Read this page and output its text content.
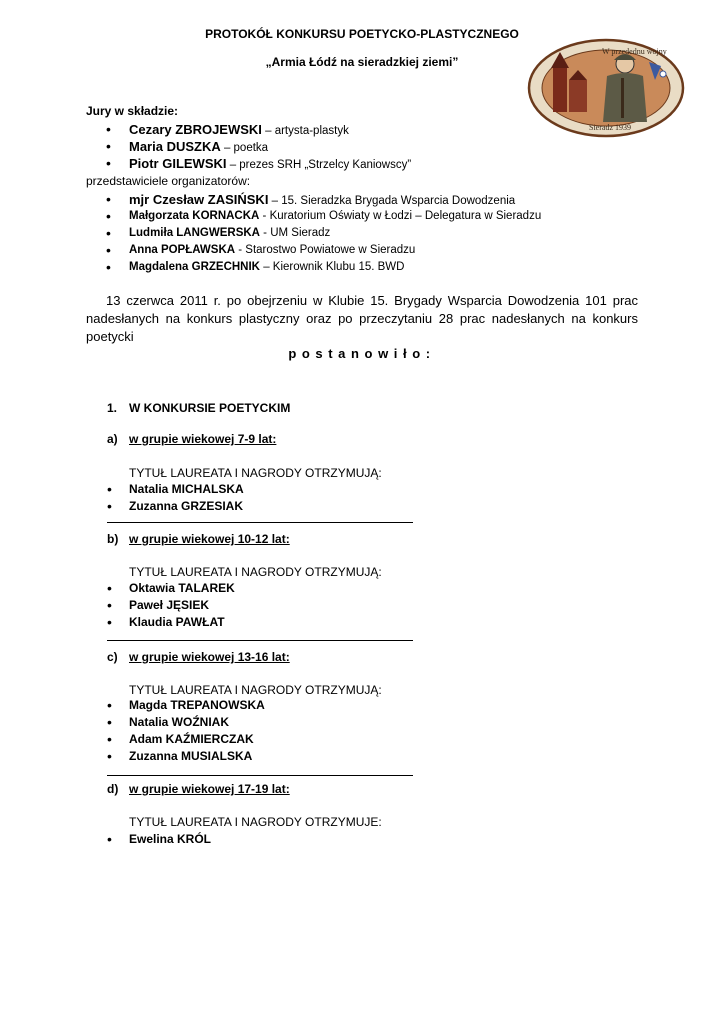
PROTOKÓŁ KONKURSU POETYCKO-PLASTYCZNEGO
„Armia Łódź na sieradzkiej ziemi”
W przedednu wojny
Sieradz 1939
Jury w składzie:
• Cezary ZBROJEWSKI – artysta-plastyk
• Maria DUSZKA – poetka
• Piotr GILEWSKI – prezes SRH „Strzelcy Kaniowscy”
przedstawiciele organizatorów:
• mjr Czesław ZASIŃSKI – 15. Sieradzka Brygada Wsparcia Dowodzenia
• Małgorzata KORNACKA - Kuratorium Oświaty w Łodzi – Delegatura w Sieradzu
• Ludmiła LANGWERSKA - UM Sieradz
• Anna POPŁAWSKA - Starostwo Powiatowe w Sieradzu
• Magdalena GRZECHNIK – Kierownik Klubu 15. BWD
13 czerwca 2011 r. po obejrzeniu w Klubie 15. Brygady Wsparcia Dowodzenia 101 prac nadesłanych na konkurs plastyczny oraz po przeczytaniu 28 prac nadesłanych na konkurs poetycki
postanowiło:
1. W KONKURSIE POETYCKIM
a) w grupie wiekowej 7-9 lat:
TYTUŁ LAUREATA I NAGRODY OTRZYMUJĄ:
• Natalia MICHALSKA
• Zuzanna GRZESIAK
b) w grupie wiekowej 10-12 lat:
TYTUŁ LAUREATA I NAGRODY OTRZYMUJĄ:
• Oktawia TALAREK
• Paweł JĘSIEK
• Klaudia PAWŁAT
c) w grupie wiekowej 13-16 lat:
TYTUŁ LAUREATA I NAGRODY OTRZYMUJĄ:
• Magda TREPANOWSKA
• Natalia WOŹNIAK
• Adam KAŹMIERCZAK
• Zuzanna MUSIALSKA
d) w grupie wiekowej 17-19 lat:
TYTUŁ LAUREATA I NAGRODY OTRZYMUJE:
• Ewelina KRÓL
